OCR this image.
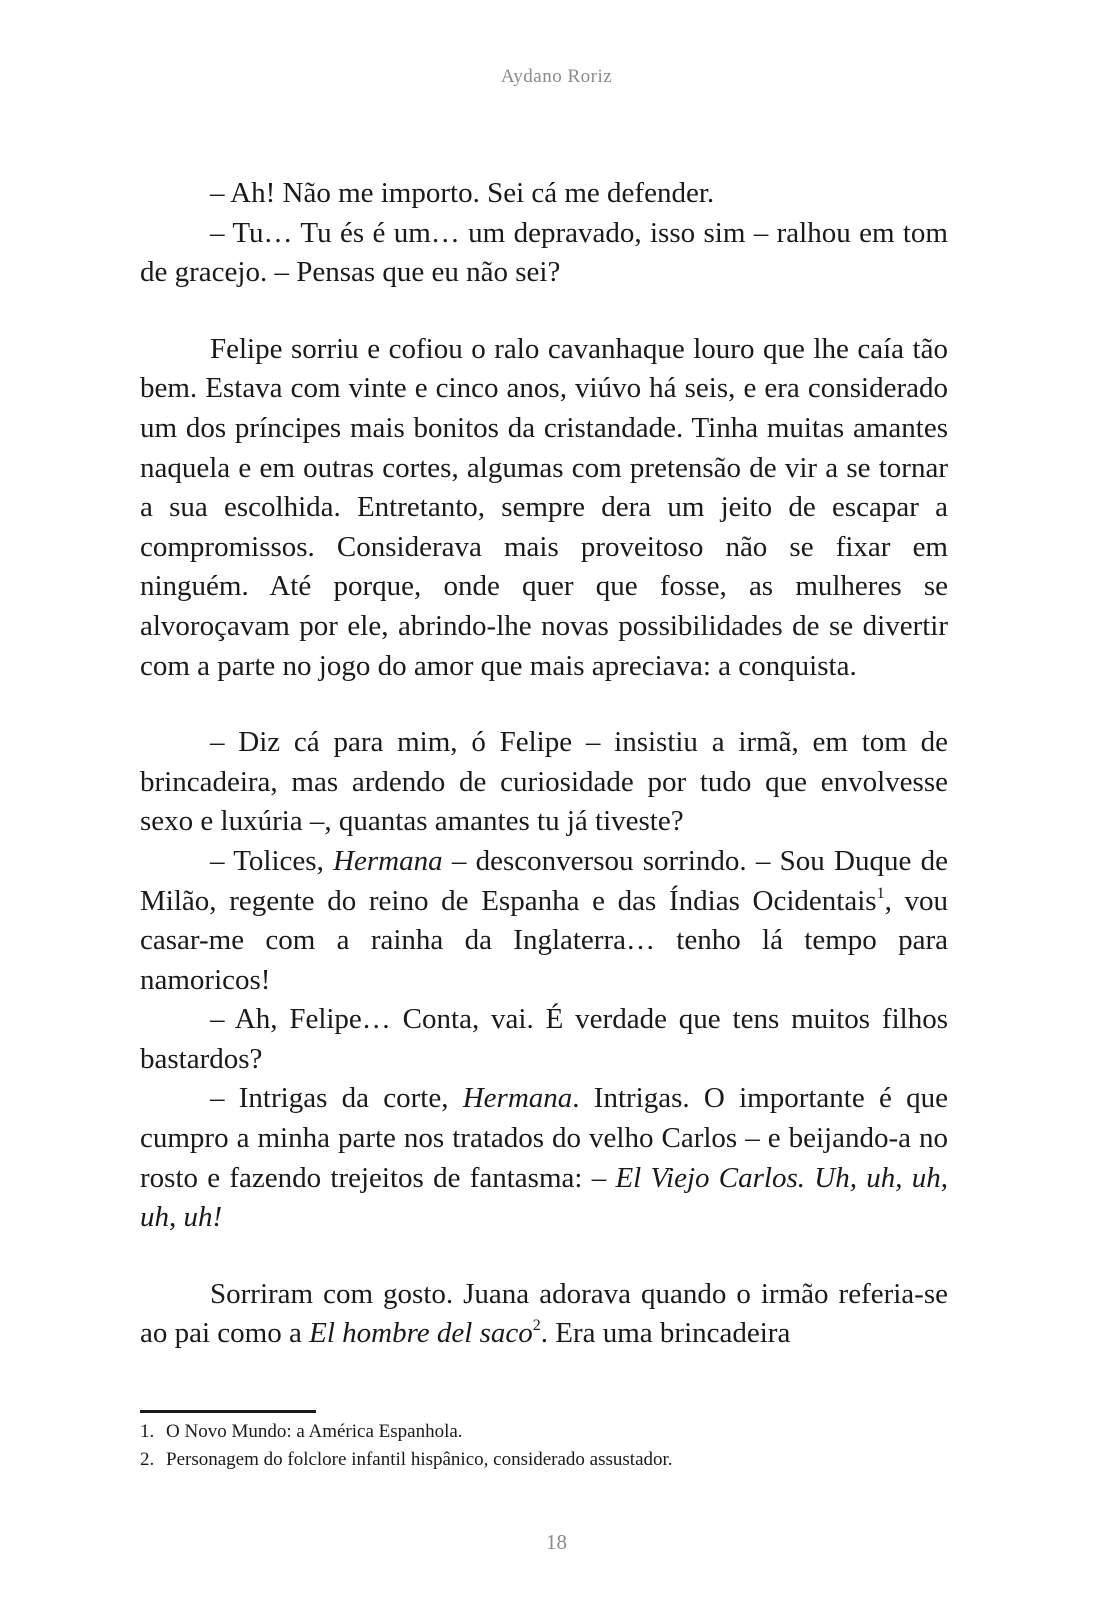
Aydano Roriz

– Ah! Não me importo. Sei cá me defender.

– Tu… Tu és é um… um depravado, isso sim – ralhou em tom de gracejo. – Pensas que eu não sei?

Felipe sorriu e cofiou o ralo cavanhaque louro que lhe caía tão bem. Estava com vinte e cinco anos, viúvo há seis, e era considerado um dos príncipes mais bonitos da cristandade. Tinha muitas amantes naquela e em outras cortes, algumas com pretensão de vir a se tornar a sua escolhida. Entretanto, sempre dera um jeito de escapar a compromissos. Considerava mais proveitoso não se fixar em ninguém. Até porque, onde quer que fosse, as mulheres se alvoroçavam por ele, abrindo-lhe novas possibilidades de se divertir com a parte no jogo do amor que mais apreciava: a conquista.

– Diz cá para mim, ó Felipe – insistiu a irmã, em tom de brincadeira, mas ardendo de curiosidade por tudo que envolvesse sexo e luxúria –, quantas amantes tu já tiveste?

– Tolices, Hermana – desconversou sorrindo. – Sou Duque de Milão, regente do reino de Espanha e das Índias Ocidentais$^1$, vou casar-me com a rainha da Inglaterra… tenho lá tempo para namoricos!

– Ah, Felipe… Conta, vai. É verdade que tens muitos filhos bastardos?

– Intrigas da corte, Hermana. Intrigas. O importante é que cumpro a minha parte nos tratados do velho Carlos – e beijando-a no rosto e fazendo trejeitos de fantasma: – El Viejo Carlos. Uh, uh, uh, uh, uh!

Sorriram com gosto. Juana adorava quando o irmão referia-se ao pai como a El hombre del saco$^2$. Era uma brincadeira

1. O Novo Mundo: a América Espanhola.

2. Personagem do folclore infantil hispânico, considerado assustador.

18
